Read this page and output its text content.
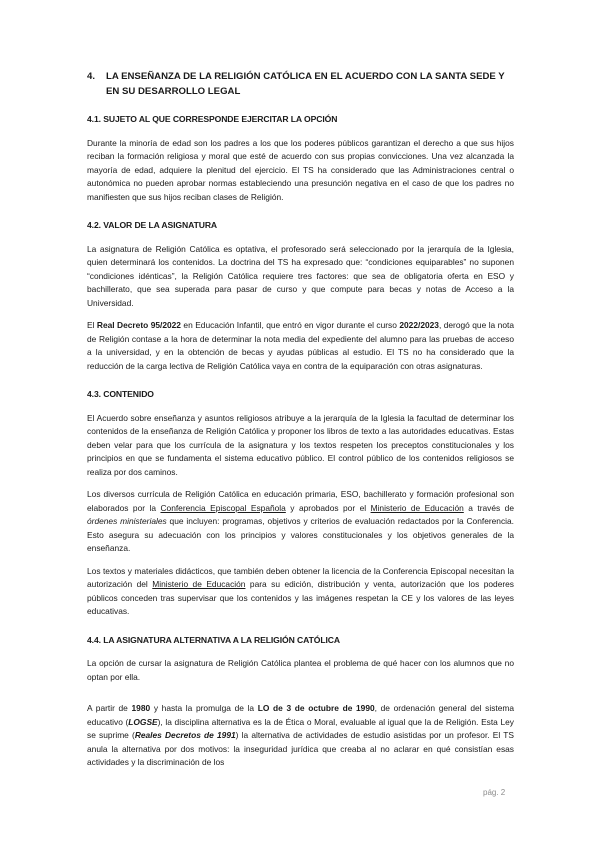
4.	LA ENSEÑANZA DE LA RELIGIÓN CATÓLICA EN EL ACUERDO CON LA SANTA SEDE Y EN SU DESARROLLO LEGAL
4.1. SUJETO AL QUE CORRESPONDE EJERCITAR LA OPCIÓN

Durante la minoría de edad son los padres a los que los poderes públicos garantizan el derecho a que sus hijos reciban la formación religiosa y moral que esté de acuerdo con sus propias convicciones. Una vez alcanzada la mayoría de edad, adquiere la plenitud del ejercicio. El TS ha considerado que las Administraciones central o autonómica no pueden aprobar normas estableciendo una presunción negativa en el caso de que los padres no manifiesten que sus hijos reciban clases de Religión.

4.2. VALOR DE LA ASIGNATURA

La asignatura de Religión Católica es optativa, el profesorado será seleccionado por la jerarquía de la Iglesia, quien determinará los contenidos. La doctrina del TS ha expresado que: “condiciones equiparables” no suponen “condiciones idénticas”, la Religión Católica requiere tres factores: que sea de obligatoria oferta en ESO y bachillerato, que sea superada para pasar de curso y que compute para becas y notas de Acceso a la Universidad.

El Real Decreto 95/2022 en Educación Infantil, que entró en vigor durante el curso 2022/2023, derogó que la nota de Religión contase a la hora de determinar la nota media del expediente del alumno para las pruebas de acceso a la universidad, y en la obtención de becas y ayudas públicas al estudio. El TS no ha considerado que la reducción de la carga lectiva de Religión Católica vaya en contra de la equiparación con otras asignaturas.

4.3. CONTENIDO

El Acuerdo sobre enseñanza y asuntos religiosos atribuye a la jerarquía de la Iglesia la facultad de determinar los contenidos de la enseñanza de Religión Católica y proponer los libros de texto a las autoridades educativas. Estas deben velar para que los currícula de la asignatura y los textos respeten los preceptos constitucionales y los principios en que se fundamenta el sistema educativo público. El control público de los contenidos religiosos se realiza por dos caminos.

Los diversos currícula de Religión Católica en educación primaria, ESO, bachillerato y formación profesional son elaborados por la Conferencia Episcopal Española y aprobados por el Ministerio de Educación a través de órdenes ministeriales que incluyen: programas, objetivos y criterios de evaluación redactados por la Conferencia. Esto asegura su adecuación con los principios y valores constitucionales y los objetivos generales de la enseñanza.

Los textos y materiales didácticos, que también deben obtener la licencia de la Conferencia Episcopal necesitan la autorización del Ministerio de Educación para su edición, distribución y venta, autorización que los poderes públicos conceden tras supervisar que los contenidos y las imágenes respetan la CE y los valores de las leyes educativas.

4.4. LA ASIGNATURA ALTERNATIVA A LA RELIGIÓN CATÓLICA

La opción de cursar la asignatura de Religión Católica plantea el problema de qué hacer con los alumnos que no optan por ella.

A partir de 1980 y hasta la promulga de la LO de 3 de octubre de 1990, de ordenación general del sistema educativo (LOGSE), la disciplina alternativa es la de Ética o Moral, evaluable al igual que la de Religión. Esta Ley se suprime (Reales Decretos de 1991) la alternativa de actividades de estudio asistidas por un profesor. El TS anula la alternativa por dos motivos: la inseguridad jurídica que creaba al no aclarar en qué consistían esas actividades y la discriminación de los

pág. 2
